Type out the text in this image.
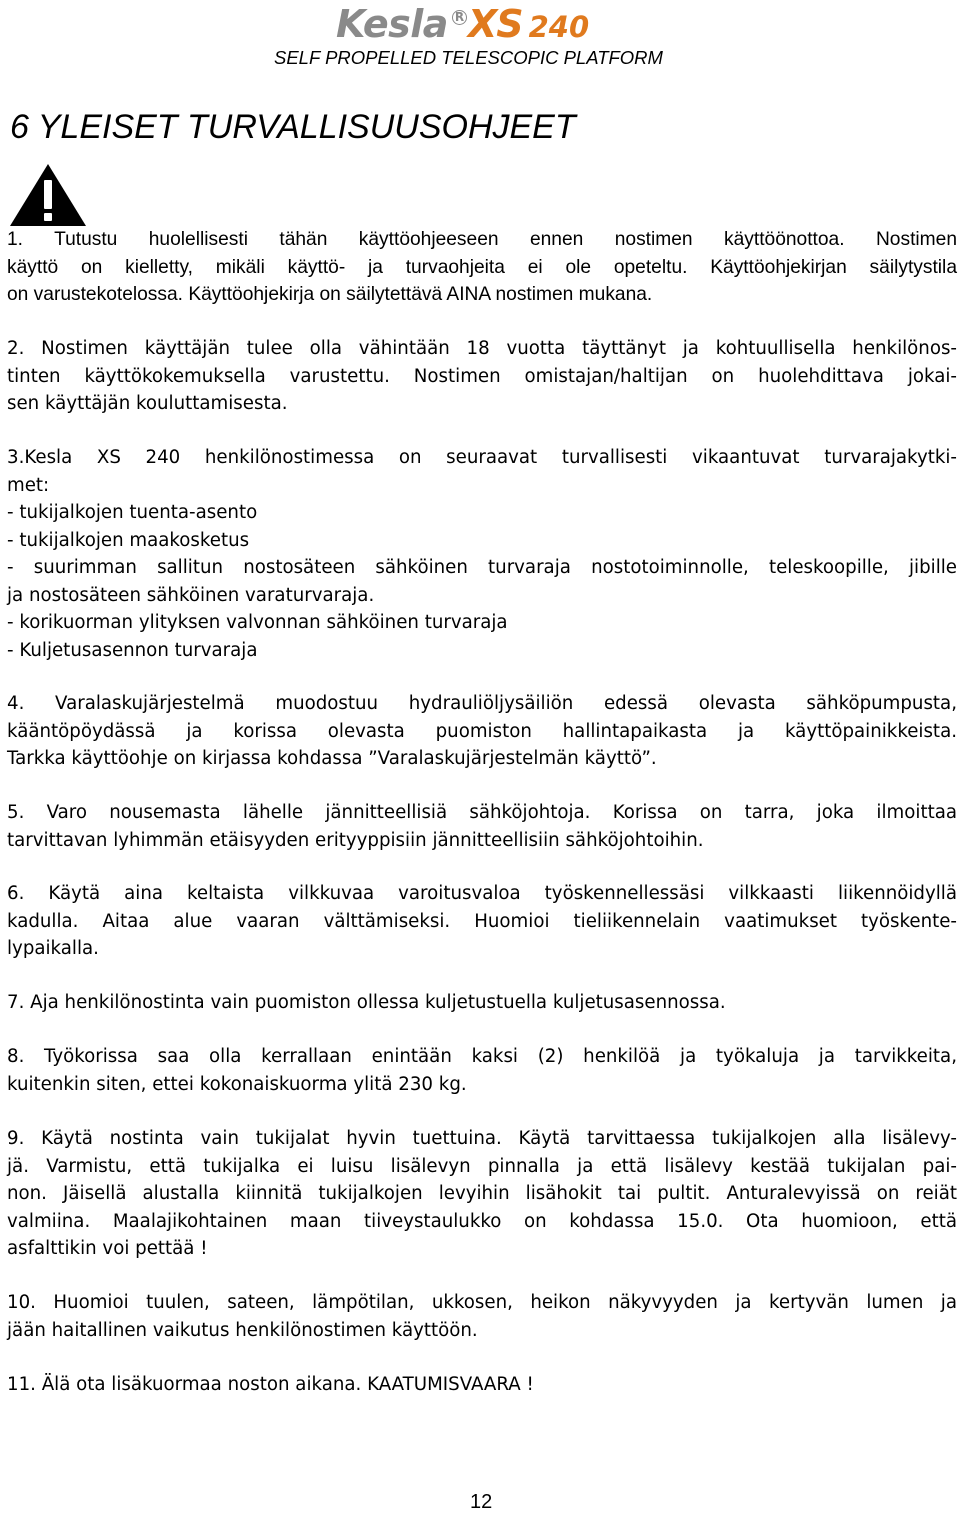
Kesla R XS 240
SELF PROPELLED TELESCOPIC PLATFORM
6 YLEISET TURVALLISUUSOHJEET
1. Tutustu huolellisesti tähän käyttöohjeeseen ennen nostimen käyttöönottoa. Nostimen
käyttö on kielletty, mikäli käyttö- ja turvaohjeita ei ole opeteltu. Käyttöohjekirjan säilytystila
on varustekotelossa. Käyttöohjekirja on säilytettävä AINA nostimen mukana.
2. Nostimen käyttäjän tulee olla vähintään 18 vuotta täyttänyt ja kohtuullisella henkilönos-
tinten käyttökokemuksella varustettu. Nostimen omistajan/haltijan on huolehdittava jokai-
sen käyttäjän kouluttamisesta.
3.Kesla XS 240 henkilönostimessa on seuraavat turvallisesti vikaantuvat turvarajakytki-
met:
- tukijalkojen tuenta-asento
- tukijalkojen maakosketus
- suurimman sallitun nostosäteen sähköinen turvaraja nostotoiminnolle, teleskoopille, jibille
ja nostosäteen sähköinen varaturvaraja.
- korikuorman ylityksen valvonnan sähköinen turvaraja
- Kuljetusasennon turvaraja
4. Varalaskujärjestelmä muodostuu hydrauliöljysäiliön edessä olevasta sähköpumpusta,
kääntöpöydässä ja korissa olevasta puomiston hallintapaikasta ja käyttöpainikkeista.
Tarkka käyttöohje on kirjassa kohdassa ”Varalaskujärjestelmän käyttö”.
5. Varo nousemasta lähelle jännitteellisiä sähköjohtoja. Korissa on tarra, joka ilmoittaa
tarvittavan lyhimmän etäisyyden erityyppisiin jännitteellisiin sähköjohtoihin.
6. Käytä aina keltaista vilkkuvaa varoitusvaloa työskennellessäsi vilkkaasti liikennöidyllä
kadulla. Aitaa alue vaaran välttämiseksi. Huomioi tieliikennelain vaatimukset työskente-
lypaikalla.
7. Aja henkilönostinta vain puomiston ollessa kuljetustuella kuljetusasennossa.
8. Työkorissa saa olla kerrallaan enintään kaksi (2) henkilöä ja työkaluja ja tarvikkeita,
kuitenkin siten, ettei kokonaiskuorma ylitä 230 kg.
9. Käytä nostinta vain tukijalat hyvin tuettuina. Käytä tarvittaessa tukijalkojen alla lisälevy-
jä. Varmistu, että tukijalka ei luisu lisälevyn pinnalla ja että lisälevy kestää tukijalan pai-
non. Jäisellä alustalla kiinnitä tukijalkojen levyihin lisähokit tai pultit. Anturalevyissä on reiät
valmiina. Maalajikohtainen maan tiiveystaulukko on kohdassa 15.0. Ota huomioon, että
asfalttikin voi pettää !
10. Huomioi tuulen, sateen, lämpötilan, ukkosen, heikon näkyvyyden ja kertyvän lumen ja
jään haitallinen vaikutus henkilönostimen käyttöön.
11. Älä ota lisäkuormaa noston aikana. KAATUMISVAARA !
12
